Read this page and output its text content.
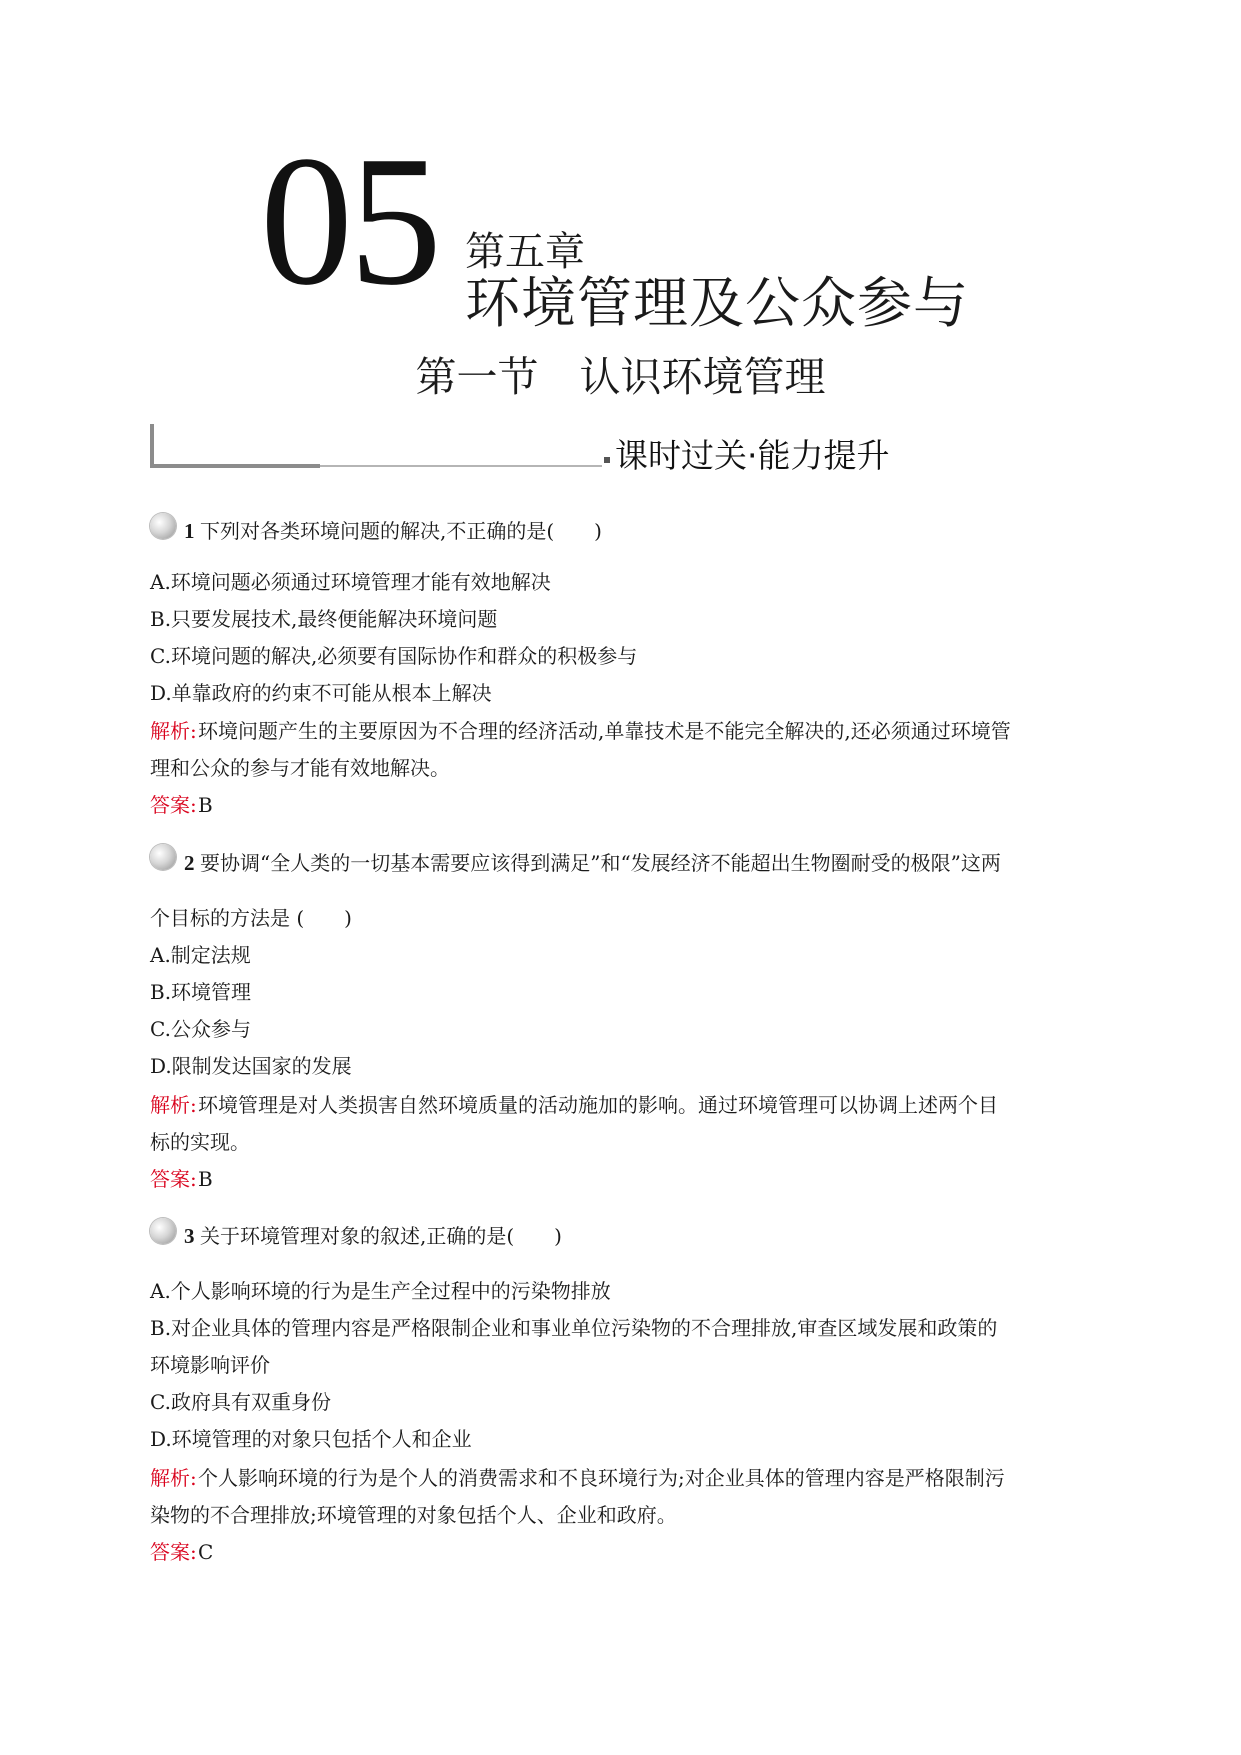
05 第五章
环境管理及公众参与
第一节　认识环境管理
课时过关·能力提升
1 下列对各类环境问题的解决,不正确的是(　　)
A.环境问题必须通过环境管理才能有效地解决
B.只要发展技术,最终便能解决环境问题
C.环境问题的解决,必须要有国际协作和群众的积极参与
D.单靠政府的约束不可能从根本上解决
解析: 环境问题产生的主要原因为不合理的经济活动,单靠技术是不能完全解决的,还必须通过环境管
理和公众的参与才能有效地解决。
答案: B
2 要协调“全人类的一切基本需要应该得到满足”和“发展经济不能超出生物圈耐受的极限”这两
个目标的方法是 (　　)
A.制定法规
B.环境管理
C.公众参与
D.限制发达国家的发展
解析: 环境管理是对人类损害自然环境质量的活动施加的影响。通过环境管理可以协调上述两个目
标的实现。
答案: B
3 关于环境管理对象的叙述,正确的是(　　)
A.个人影响环境的行为是生产全过程中的污染物排放
B.对企业具体的管理内容是严格限制企业和事业单位污染物的不合理排放,审查区域发展和政策的
环境影响评价
C.政府具有双重身份
D.环境管理的对象只包括个人和企业
解析: 个人影响环境的行为是个人的消费需求和不良环境行为;对企业具体的管理内容是严格限制污
染物的不合理排放;环境管理的对象包括个人、企业和政府。
答案: C
